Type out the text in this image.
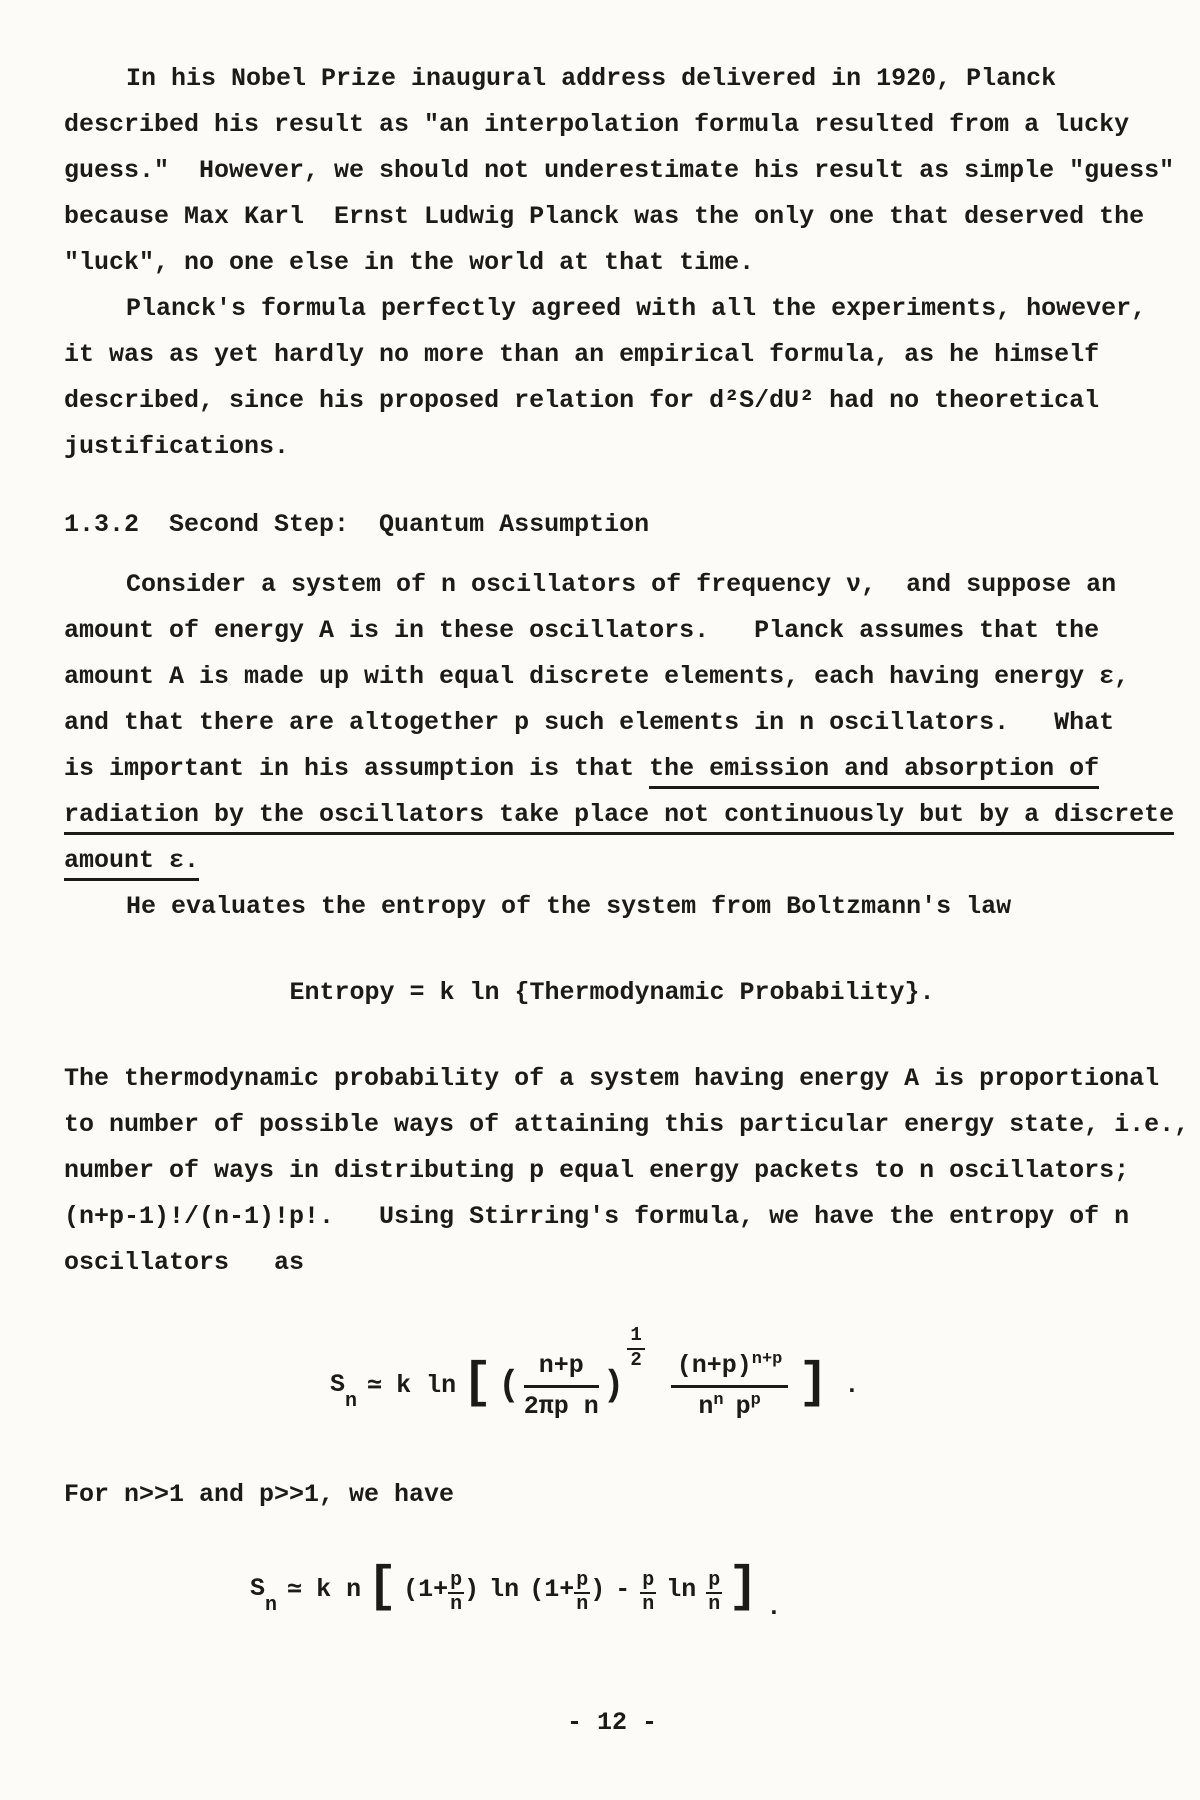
In his Nobel Prize inaugural address delivered in 1920, Planck
described his result as "an interpolation formula resulted from a lucky
guess."  However, we should not underestimate his result as simple "guess"
because Max Karl  Ernst Ludwig Planck was the only one that deserved the
"luck", no one else in the world at that time.
Planck's formula perfectly agreed with all the experiments, however,
it was as yet hardly no more than an empirical formula, as he himself
described, since his proposed relation for d²S/dU² had no theoretical
justifications.
1.3.2  Second Step:  Quantum Assumption
Consider a system of n oscillators of frequency ν,  and suppose an
amount of energy A is in these oscillators.   Planck assumes that the
amount A is made up with equal discrete elements, each having energy ε,
and that there are altogether p such elements in n oscillators.   What
is important in his assumption is that the emission and absorption of
radiation by the oscillators take place not continuously but by a discrete
amount ε.
He evaluates the entropy of the system from Boltzmann's law
Entropy = k ln {Thermodynamic Probability}.
The thermodynamic probability of a system having energy A is proportional
to number of possible ways of attaining this particular energy state, i.e.,
number of ways in distributing p equal energy packets to n oscillators;
(n+p-1)!/(n-1)!p!.   Using Stirring's formula, we have the entropy of n
oscillators   as
Sn
≃ k ln [ ( $\frac{n+p}{\text{2πp n}}$ )
$\frac{1}{2}$
$\frac{(n+p)^{n+p}}{n^n p^p}$ ] .
For n>>1 and p>>1, we have
Sn
≃ k n [ ($1+ \frac{p}{n}$ ) $\ln (1+ \frac{p}{n}$ ) - $\frac{p}{n}$ $\ln \frac{p}{n}$ ] .
- 12 -
